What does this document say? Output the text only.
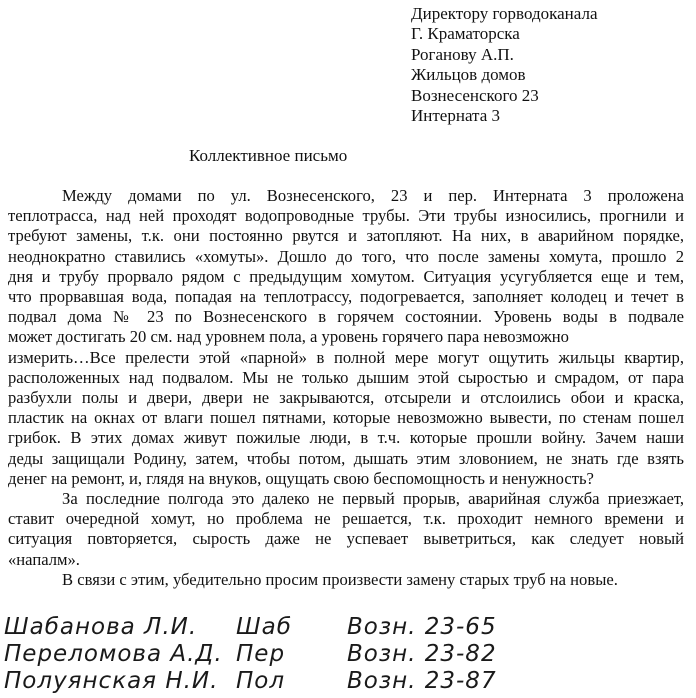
Директору горводоканала
Г. Краматорска
Роганову А.П.
Жильцов домов
Вознесенского 23
Интерната 3
Коллективное письмо
Между домами по ул. Вознесенского, 23 и пер. Интерната 3 проложена
теплотрасса, над ней проходят водопроводные трубы. Эти трубы износились, прогнили и
требуют замены, т.к. они постоянно рвутся и затопляют. На них, в аварийном порядке,
неоднократно ставились «хомуты». Дошло до того, что после замены хомута, прошло 2
дня и трубу прорвало рядом с предыдущим хомутом. Ситуация усугубляется еще и тем,
что прорвавшая вода, попадая на теплотрассу, подогревается, заполняет колодец и течет в
подвал дома № 23 по Вознесенского в горячем состоянии. Уровень воды в подвале
может достигать 20 см. над уровнем пола, а уровень горячего пара невозможно
измерить…Все прелести этой «парной» в полной мере могут ощутить жильцы квартир,
расположенных над подвалом. Мы не только дышим этой сыростью и смрадом, от пара
разбухли полы и двери, двери не закрываются, отсырели и отслоились обои и краска,
пластик на окнах от влаги пошел пятнами, которые невозможно вывести, по стенам пошел
грибок. В этих домах живут пожилые люди, в т.ч. которые прошли войну. Зачем наши
деды защищали Родину, затем, чтобы потом, дышать этим зловонием, не знать где взять
денег на ремонт, и, глядя на внуков, ощущать свою беспомощность и ненужность?
За последние полгода это далеко не первый прорыв, аварийная служба приезжает,
ставит очередной хомут, но проблема не решается, т.к. проходит немного времени и
ситуация повторяется, сырость даже не успевает выветриться, как следует новый
«напалм».
В связи с этим, убедительно просим произвести замену старых труб на новые.
Шабанова Л.И. Шаб Возн. 23-65
Переломова А.Д. Пер	Возн. 23-82
Полуянская Н.И. Пол	Возн. 23-87
